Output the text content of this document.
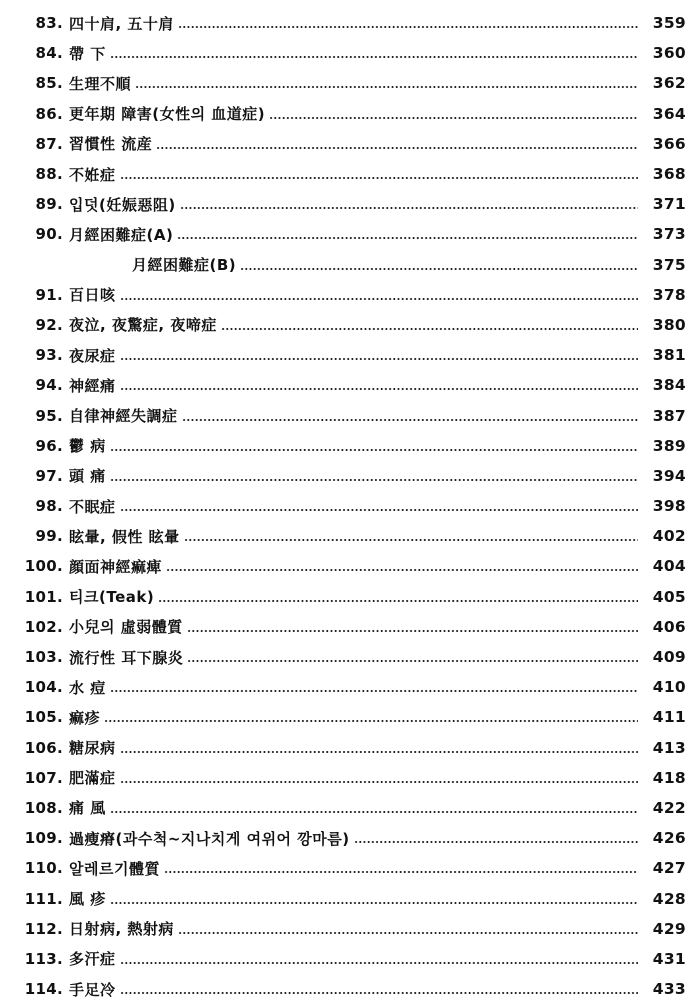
83. 四十肩, 五十肩	359
84. 帶 下	360
85. 生理不順	362
86. 更年期 障害(女性의 血道症)	364
87. 習慣性 流産	366
88. 不姙症	368
89. 입덧(妊娠惡阻)	371
90. 月經困難症(A)	373
月經困難症(B)	375
91. 百日咳	378
92. 夜泣, 夜驚症, 夜啼症	380
93. 夜尿症	381
94. 神經痛	384
95. 自律神經失調症	387
96. 鬱 病	389
97. 頭 痛	394
98. 不眠症	398
99. 眩暈, 假性 眩暈	402
100. 顔面神經痲痺	404
101. 티크(Teak)	405
102. 小兒의 虛弱體質	406
103. 流行性 耳下腺炎	409
104. 水 痘	410
105. 痲疹	411
106. 糖尿病	413
107. 肥滿症	418
108. 痛 風	422
109. 過瘦瘠(과수척~지나치게 여위어 깡마름)	426
110. 알레르기體質	427
111. 風 疹	428
112. 日射病, 熱射病	429
113. 多汗症	431
114. 手足冷	433
